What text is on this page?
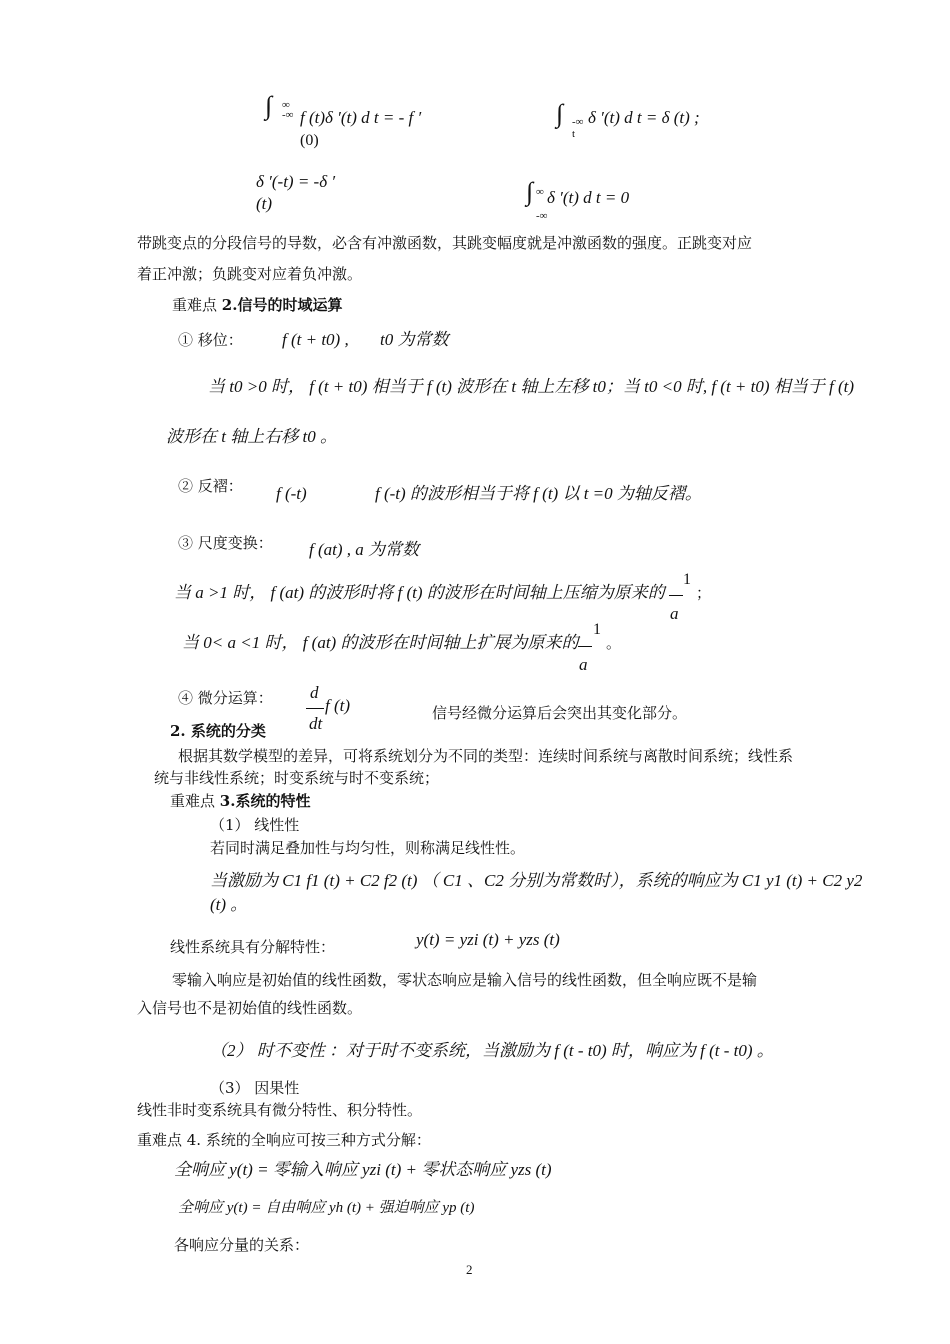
∫ ∞ -∞ f (t)δ ′(t) d t = - f ′
(0)
∫ -∞ t
δ ′(t) d t = δ (t) ;
δ ′(-t) = -δ ′
(t)	∫ ∞ -∞
δ ′(t) d t = 0
带跳变点的分段信号的导数，必含有冲激函数，其跳变幅度就是冲激函数的强度。正跳变对应
着正冲激；负跳变对应着负冲激。
重难点 2.信号的时域运算
① 移位： f (t + t0) , t0 为常数
当 t0 >0 时， f (t + t0) 相当于 f (t) 波形在 t 轴上左移 t0；当 t0 <0 时, f (t + t0) 相当于 f (t)
波形在 t 轴上右移 t0 。
② 反褶： f (-t)	f (-t) 的波形相当于将 f (t) 以 t =0 为轴反褶。
③ 尺度变换： f (at) , a 为常数
当 a >1 时， f (at) 的波形时将 f (t) 的波形在时间轴上压缩为原来的
1
a
；
当 0< a <1 时， f (at) 的波形在时间轴上扩展为原来的
1
。
a
④ 微分运算： d
dt
f (t)	信号经微分运算后会突出其变化部分。
2. 系统的分类
根据其数学模型的差异，可将系统划分为不同的类型：连续时间系统与离散时间系统；线性系
统与非线性系统；时变系统与时不变系统；
重难点 3.系统的特性
（1） 线性性
若同时满足叠加性与均匀性，则称满足线性性。
当激励为 C1 f1 (t) + C2 f2 (t) （ C1 、C2 分别为常数时），系统的响应为 C1 y1 (t) + C2 y2
(t) 。
线性系统具有分解特性：	y(t) = yzi (t) + yzs (t)
零输入响应是初始值的线性函数，零状态响应是输入信号的线性函数，但全响应既不是输
入信号也不是初始值的线性函数。
（2） 时不变性 ：对于时不变系统，当激励为 f (t - t0) 时，响应为 f (t - t0) 。
（3） 因果性
线性非时变系统具有微分特性、积分特性。
重难点 4. 系统的全响应可按三种方式分解：
全响应 y(t) = 零输入响应 yzi (t) + 零状态响应 yzs (t)
全响应 y(t) = 自由响应 yh (t) + 强迫响应 yp (t)
各响应分量的关系：
2
